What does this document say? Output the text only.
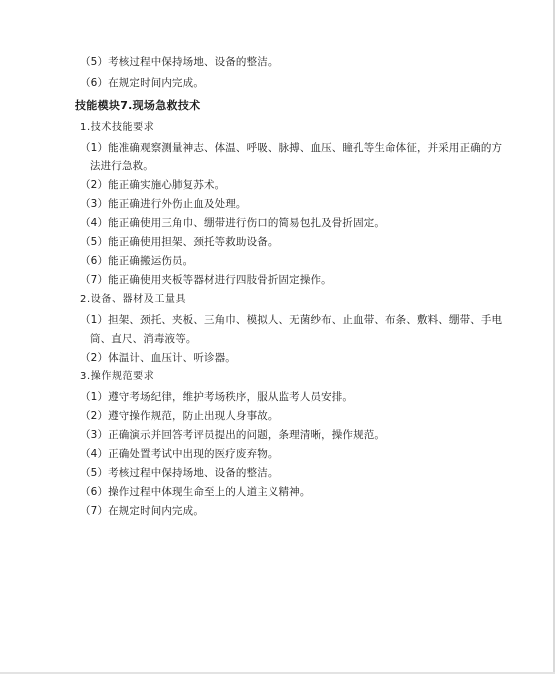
（5）考核过程中保持场地、设备的整洁。
（6）在规定时间内完成。
技能模块7.现场急救技术
1.技术技能要求
（1）能准确观察测量神志、体温、呼吸、脉搏、血压、瞳孔等生命体征，并采用正确的方
法进行急救。
（2）能正确实施心肺复苏术。
（3）能正确进行外伤止血及处理。
（4）能正确使用三角巾、绷带进行伤口的简易包扎及骨折固定。
（5）能正确使用担架、颈托等救助设备。
（6）能正确搬运伤员。
（7）能正确使用夹板等器材进行四肢骨折固定操作。
2.设备、器材及工量具
（1）担架、颈托、夹板、三角巾、模拟人、无菌纱布、止血带、布条、敷料、绷带、手电
筒、直尺、消毒液等。
（2）体温计、血压计、听诊器。
3.操作规范要求
（1）遵守考场纪律，维护考场秩序，服从监考人员安排。
（2）遵守操作规范，防止出现人身事故。
（3）正确演示并回答考评员提出的问题，条理清晰，操作规范。
（4）正确处置考试中出现的医疗废弃物。
（5）考核过程中保持场地、设备的整洁。
（6）操作过程中体现生命至上的人道主义精神。
（7）在规定时间内完成。
